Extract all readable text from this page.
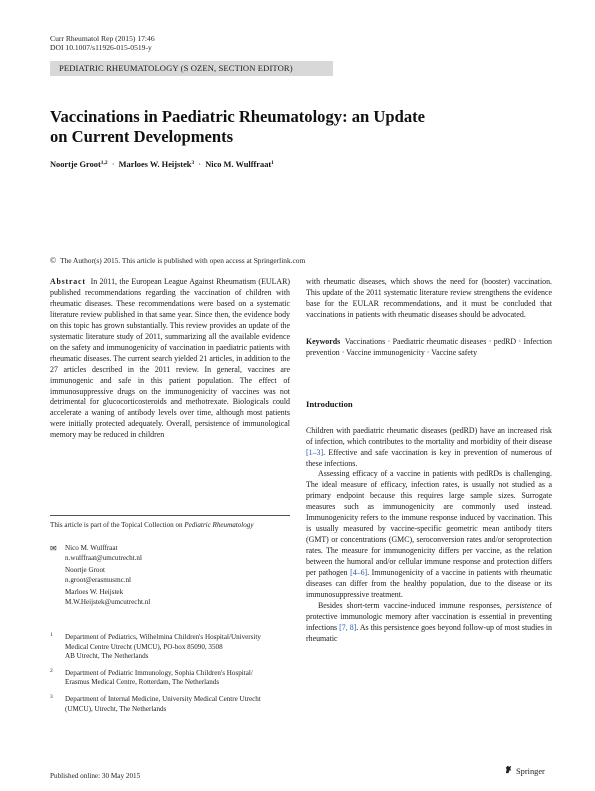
Curr Rheumatol Rep (2015) 17:46
DOI 10.1007/s11926-015-0519-y
PEDIATRIC RHEUMATOLOGY (S OZEN, SECTION EDITOR)
Vaccinations in Paediatric Rheumatology: an Update
on Current Developments
Noortje Groot$^{1,2}$ · Marloes W. Heijstek$^3$ · Nico M. Wulffraat$^1$
© The Author(s) 2015. This article is published with open access at Springerlink.com

Abstract In 2011, the European League Against Rheumatism (EULAR) published recommendations regarding the vaccination of children with rheumatic diseases. These recommendations were based on a systematic literature review published in that same year. Since then, the evidence body on this topic has grown substantially. This review provides an update of the systematic literature study of 2011, summarizing all the available evidence on the safety and immunogenicity of vaccination in paediatric patients with rheumatic diseases. The current search yielded 21 articles, in addition to the 27 articles described in the 2011 review. In general, vaccines are immunogenic and safe in this patient population. The effect of immunosuppressive drugs on the immunogenicity of vaccines was not detrimental for glucocorticosteroids and methotrexate. Biologicals could accelerate a waning of antibody levels over time, although most patients were initially protected adequately. Overall, persistence of immunological memory may be reduced in children

with rheumatic diseases, which shows the need for (booster) vaccination. This update of the 2011 systematic literature review strengthens the evidence base for the EULAR recommendations, and it must be concluded that vaccinations in patients with rheumatic diseases should be advocated.

Keywords Vaccinations · Paediatric rheumatic diseases · pedRD · Infection prevention · Vaccine immunogenicity · Vaccine safety

Introduction

Children with paediatric rheumatic diseases (pedRD) have an increased risk of infection, which contributes to the mortality and morbidity of their disease [1–3]. Effective and safe vaccination is key in prevention of numerous of these infections.

Assessing efficacy of a vaccine in patients with pedRDs is challenging. The ideal measure of efficacy, infection rates, is usually not studied as a primary endpoint because this requires large sample sizes. Surrogate measures such as immunogenicity are commonly used instead. Immunogenicity refers to the immune response induced by vaccination. This is usually measured by vaccine-specific geometric mean antibody titers (GMT) or concentrations (GMC), seroconversion rates and/or seroprotection rates. The measure for immunogenicity differs per vaccine, as the relation between the humoral and/or cellular immune response and protection differs per pathogen [4–6]. Immunogenicity of a vaccine in patients with rheumatic diseases can differ from the healthy population, due to the disease or its immunosuppressive treatment.

Besides short-term vaccine-induced immune responses, persistence of protective immunologic memory after vaccination is essential in preventing infections [7, 8]. As this persistence goes beyond follow-up of most studies in rheumatic

This article is part of the Topical Collection on Pediatric Rheumatology
✉ Nico M. Wulffraat
n.wulffraat@umcutrecht.nl
Noortje Groot
n.groot@erasmusmc.nl
Marloes W. Heijstek
M.W.Heijstek@umcutrecht.nl
1 Department of Pediatrics, Wilhelmina Children's Hospital/University
Medical Centre Utrecht (UMCU), PO-box 85090, 3508
AB Utrecht, The Netherlands
2 Department of Pediatric Immunology, Sophia Children's Hospital/
Erasmus Medical Centre, Rotterdam, The Netherlands
3 Department of Internal Medicine, University Medical Centre Utrecht
(UMCU), Utrecht, The Netherlands
Published online: 30 May 2015	Springer
